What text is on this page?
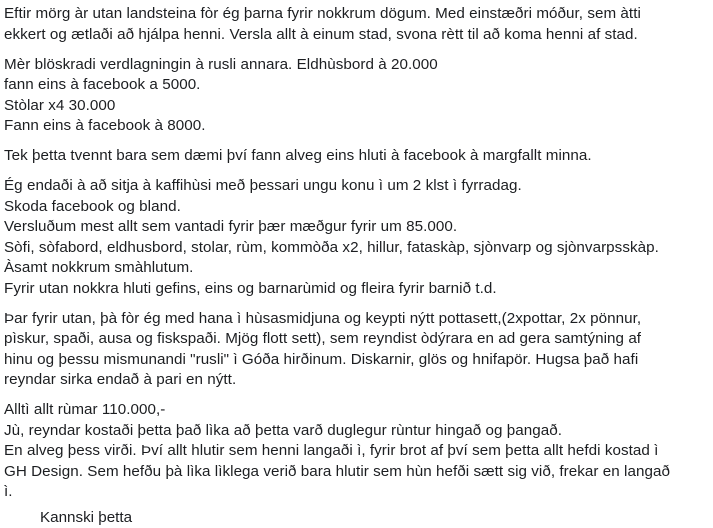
Eftir mörg àr utan landsteina fòr ég þarna fyrir nokkrum dögum. Med einstæðri móður, sem àtti
ekkert og ætlaði að hjálpa henni. Versla allt à einum stad, svona rètt til að koma henni af stad.
Mèr blöskradi verdlagningin à rusli annara. Eldhùsbord à 20.000
fann eins à facebook a 5000.
Stòlar x4 30.000
Fann eins à facebook à 8000.
Tek þetta tvennt bara sem dæmi því fann alveg eins hluti à facebook à margfallt minna.
Ég endaði à að sitja à kaffihùsi með þessari ungu konu ì um 2 klst ì fyrradag.
Skoda facebook og bland.
Versluðum mest allt sem vantadi fyrir þær mæðgur fyrir um 85.000.
Sòfi, sòfabord, eldhusbord, stolar, rùm, kommòða x2, hillur, fataskàp, sjònvarp og sjònvarpsskàp.
Àsamt nokkrum smàhlutum.
Fyrir utan nokkra hluti gefins, eins og barnarùmid og fleira fyrir barnið t.d.
Þar fyrir utan, þà fòr ég med hana ì hùsasmidjuna og keypti nýtt pottasett,(2xpottar, 2x pönnur,
pìskur, spaði, ausa og fiskspaði. Mjög flott sett), sem reyndist òdýrara en ad gera samtýning af
hinu og þessu mismunandi "rusli" ì Góða hirðinum. Diskarnir, glös og hnifapör. Hugsa það hafi
reyndar sirka endað à pari en nýtt.
Alltì allt rùmar 110.000,-
Jù, reyndar kostaði þetta það lìka að þetta varð duglegur rùntur hingað og þangað.
En alveg þess virði. Því allt hlutir sem henni langaði ì, fyrir brot af því sem þetta allt hefdi kostad ì
GH Design. Sem hefðu þà lìka lìklega verið bara hlutir sem hùn hefði sætt sig við, frekar en langað
ì.
Kannski þetta
